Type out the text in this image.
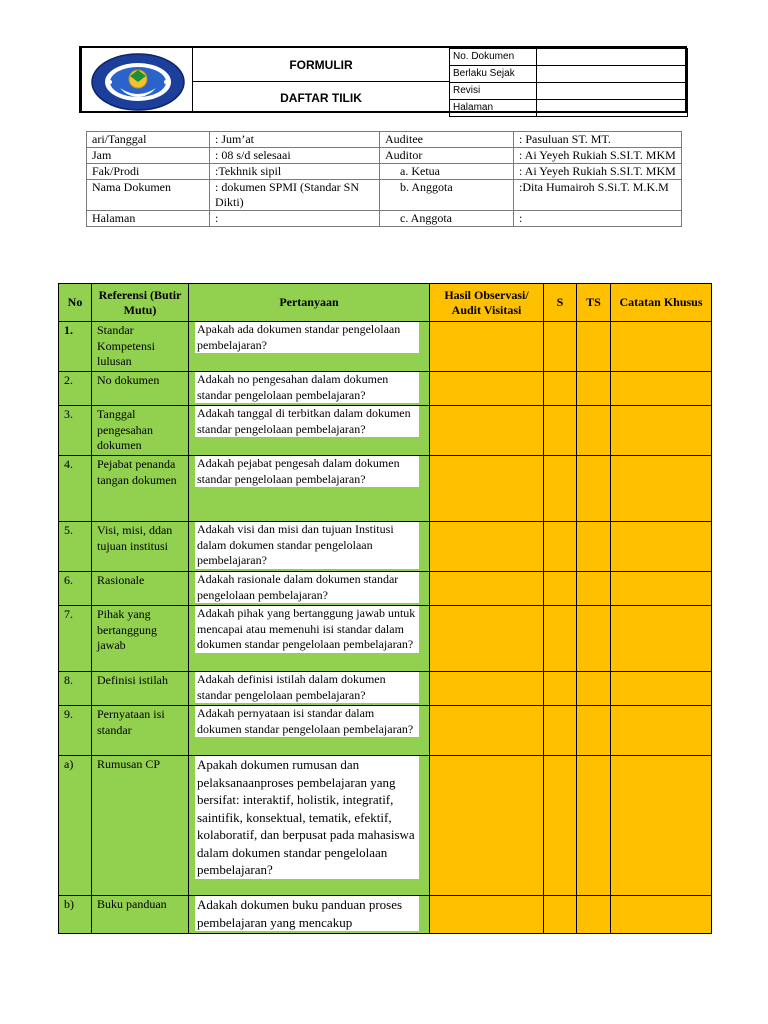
FORMULIR
DAFTAR TILIK
No. Dokumen	
Berlaku Sejak	
Revisi	
Halaman	
ari/Tanggal	: Jum’at	Auditee	: Pasuluan ST. MT.
Jam	: 08 s/d selesaai	Auditor	: Ai Yeyeh Rukiah S.SI.T. MKM
Fak/Prodi	:Tekhnik sipil	a. Ketua	: Ai Yeyeh Rukiah S.SI.T. MKM
Nama Dokumen	: dokumen SPMI (Standar SN Dikti)	b. Anggota	:Dita Humairoh S.Si.T. M.K.M
Halaman	:	c. Anggota	:
No	Referensi (Butir Mutu)	Pertanyaan	Hasil Observasi/ Audit Visitasi	S	TS	Catatan Khusus
1.	Standar Kompetensi lulusan	Apakah ada dokumen standar pengelolaan pembelajaran?				

2.	No dokumen	Adakah no pengesahan dalam dokumen standar pengelolaan pembelajaran?				

3.	Tanggal pengesahan dokumen	Adakah tanggal di terbitkan dalam dokumen standar pengelolaan pembelajaran?				

4.	Pejabat penanda tangan dokumen	Adakah pejabat pengesah dalam dokumen standar pengelolaan pembelajaran?				

5.	Visi, misi, ddan tujuan institusi	Adakah visi dan misi dan tujuan Institusi dalam dokumen standar pengelolaan pembelajaran?				

6.	Rasionale	Adakah rasionale dalam dokumen standar pengelolaan pembelajaran?				

7.	Pihak yang bertanggung jawab	Adakah pihak yang bertanggung jawab untuk mencapai atau memenuhi isi standar dalam dokumen standar pengelolaan pembelajaran?				

8.	Definisi istilah	Adakah definisi istilah dalam dokumen standar pengelolaan pembelajaran?				

9.	Pernyataan isi standar	Adakah pernyataan isi standar dalam dokumen standar pengelolaan pembelajaran?				

a)	Rumusan CP	Apakah dokumen rumusan dan pelaksanaanproses pembelajaran yang bersifat: interaktif, holistik, integratif, saintifik, konsektual, tematik, efektif, kolaboratif, dan berpusat pada mahasiswa dalam dokumen standar pengelolaan pembelajaran?				

b)	Buku panduan	Adakah dokumen buku panduan proses pembelajaran yang mencakup				
